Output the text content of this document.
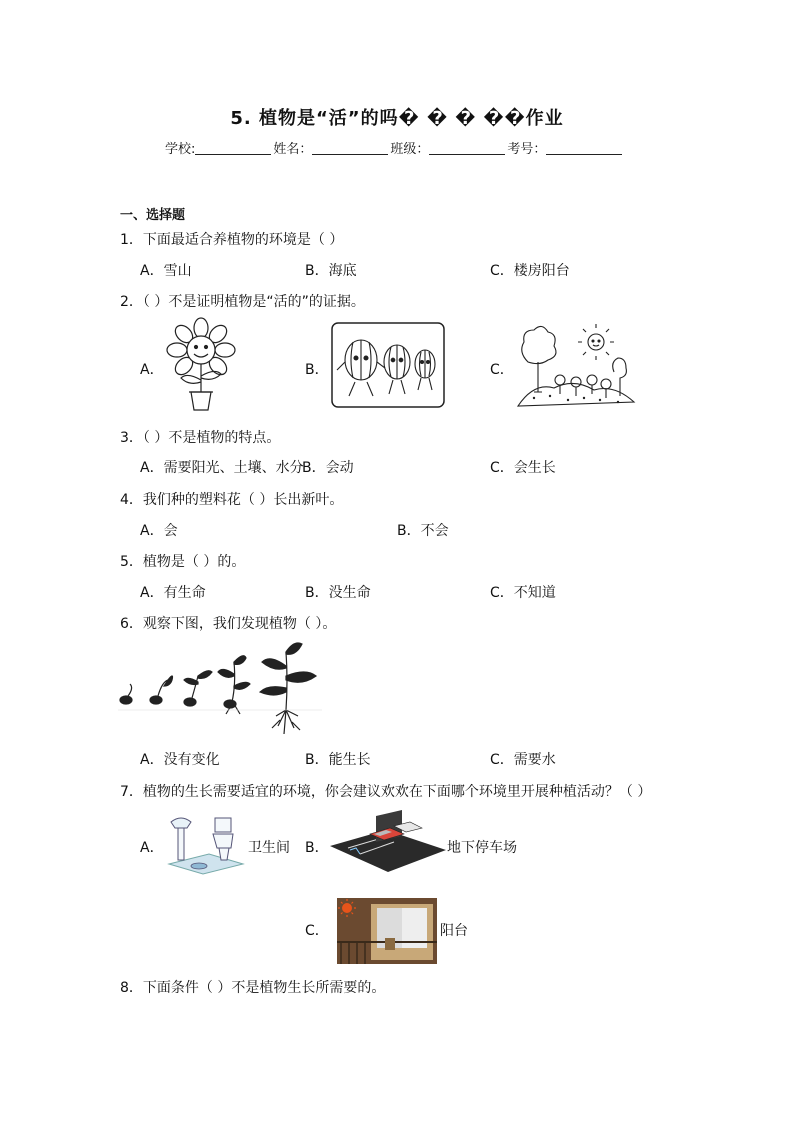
5. 植物是“活”的吗� � � ��作业
学校:	姓名：	班级：	考号：
一、选择题
1．下面最适合养植物的环境是（ ）
A．雪山	B．海底	C．楼房阳台
2．（ ）不是证明植物是“活的”的证据。
A．	B．	C．
3．（ ）不是植物的特点。
A．需要阳光、土壤、水分
B．会动	C．会生长
4．我们种的塑料花（ ）长出新叶。
A．会	B．不会
5．植物是（ ）的。
A．有生命	B．没生命	C．不知道
6．观察下图，我们发现植物（ ）。
A．没有变化	B．能生长	C．需要水
7．植物的生长需要适宜的环境，你会建议欢欢在下面哪个环境里开展种植活动？（ ）
A．	卫生间 B．	地下停车场
C．	阳台
8．下面条件（ ）不是植物生长所需要的。
